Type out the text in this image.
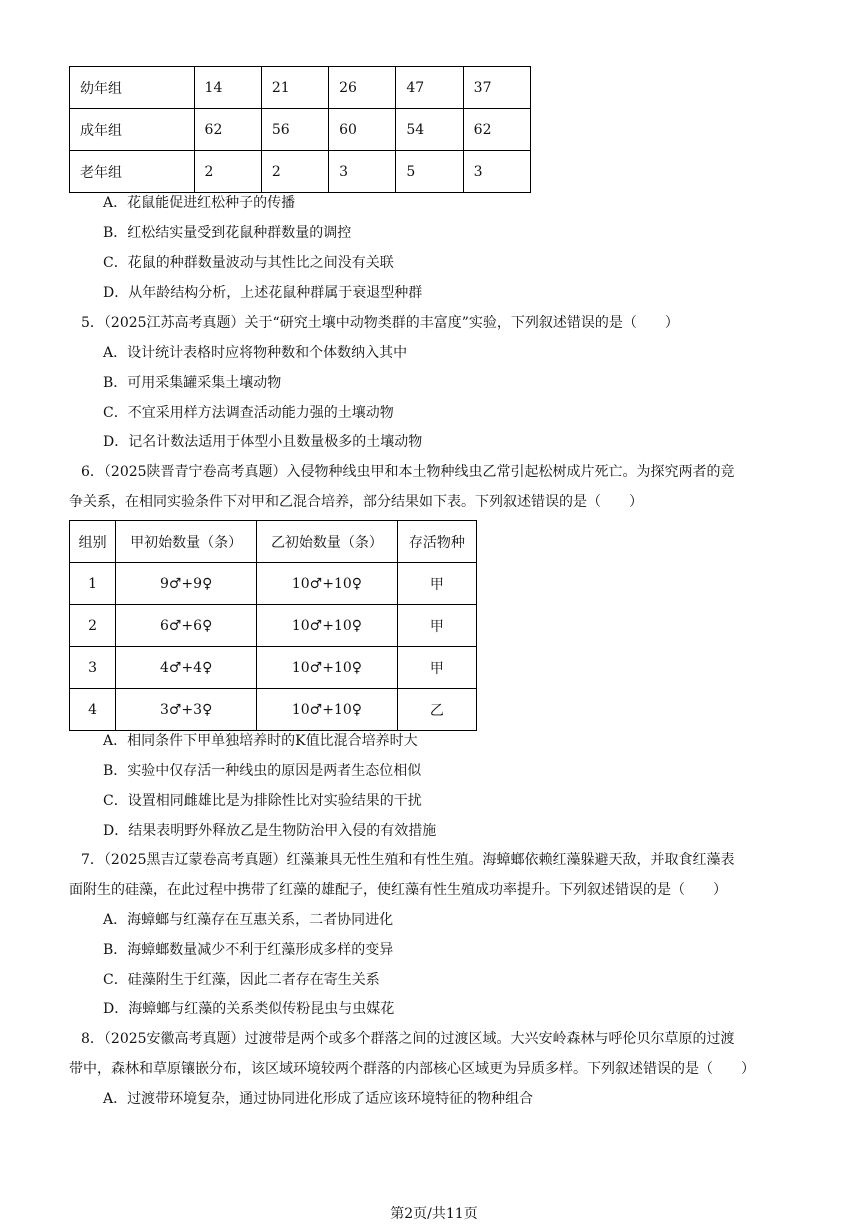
幼年组	14	21	26	47	37
成年组	62	56	60	54	62
老年组	2	2	3	5	3
A．花鼠能促进红松种子的传播
B．红松结实量受到花鼠种群数量的调控
C．花鼠的种群数量波动与其性比之间没有关联
D．从年龄结构分析，上述花鼠种群属于衰退型种群
5．（2025江苏高考真题）关于“研究土壤中动物类群的丰富度”实验，下列叙述错误的是（　　）
A．设计统计表格时应将物种数和个体数纳入其中
B．可用采集罐采集土壤动物
C．不宜采用样方法调查活动能力强的土壤动物
D．记名计数法适用于体型小且数量极多的土壤动物
6．（2025陕晋青宁卷高考真题）入侵物种线虫甲和本土物种线虫乙常引起松树成片死亡。为探究两者的竞
争关系，在相同实验条件下对甲和乙混合培养，部分结果如下表。下列叙述错误的是（　　）
组别	甲初始数量（条）	乙初始数量（条）	存活物种
1	9♂+9♀	10♂+10♀	甲
2	6♂+6♀	10♂+10♀	甲
3	4♂+4♀	10♂+10♀	甲
4	3♂+3♀	10♂+10♀	乙
A．相同条件下甲单独培养时的K值比混合培养时大
B．实验中仅存活一种线虫的原因是两者生态位相似
C．设置相同雌雄比是为排除性比对实验结果的干扰
D．结果表明野外释放乙是生物防治甲入侵的有效措施
7．（2025黑吉辽蒙卷高考真题）红藻兼具无性生殖和有性生殖。海蟑螂依赖红藻躲避天敌，并取食红藻表
面附生的硅藻，在此过程中携带了红藻的雄配子，使红藻有性生殖成功率提升。下列叙述错误的是（　　）
A．海蟑螂与红藻存在互惠关系，二者协同进化
B．海蟑螂数量减少不利于红藻形成多样的变异
C．硅藻附生于红藻，因此二者存在寄生关系
D．海蟑螂与红藻的关系类似传粉昆虫与虫媒花
8．（2025安徽高考真题）过渡带是两个或多个群落之间的过渡区域。大兴安岭森林与呼伦贝尔草原的过渡
带中，森林和草原镶嵌分布，该区域环境较两个群落的内部核心区域更为异质多样。下列叙述错误的是（　　）
A．过渡带环境复杂，通过协同进化形成了适应该环境特征的物种组合
第2页/共11页
